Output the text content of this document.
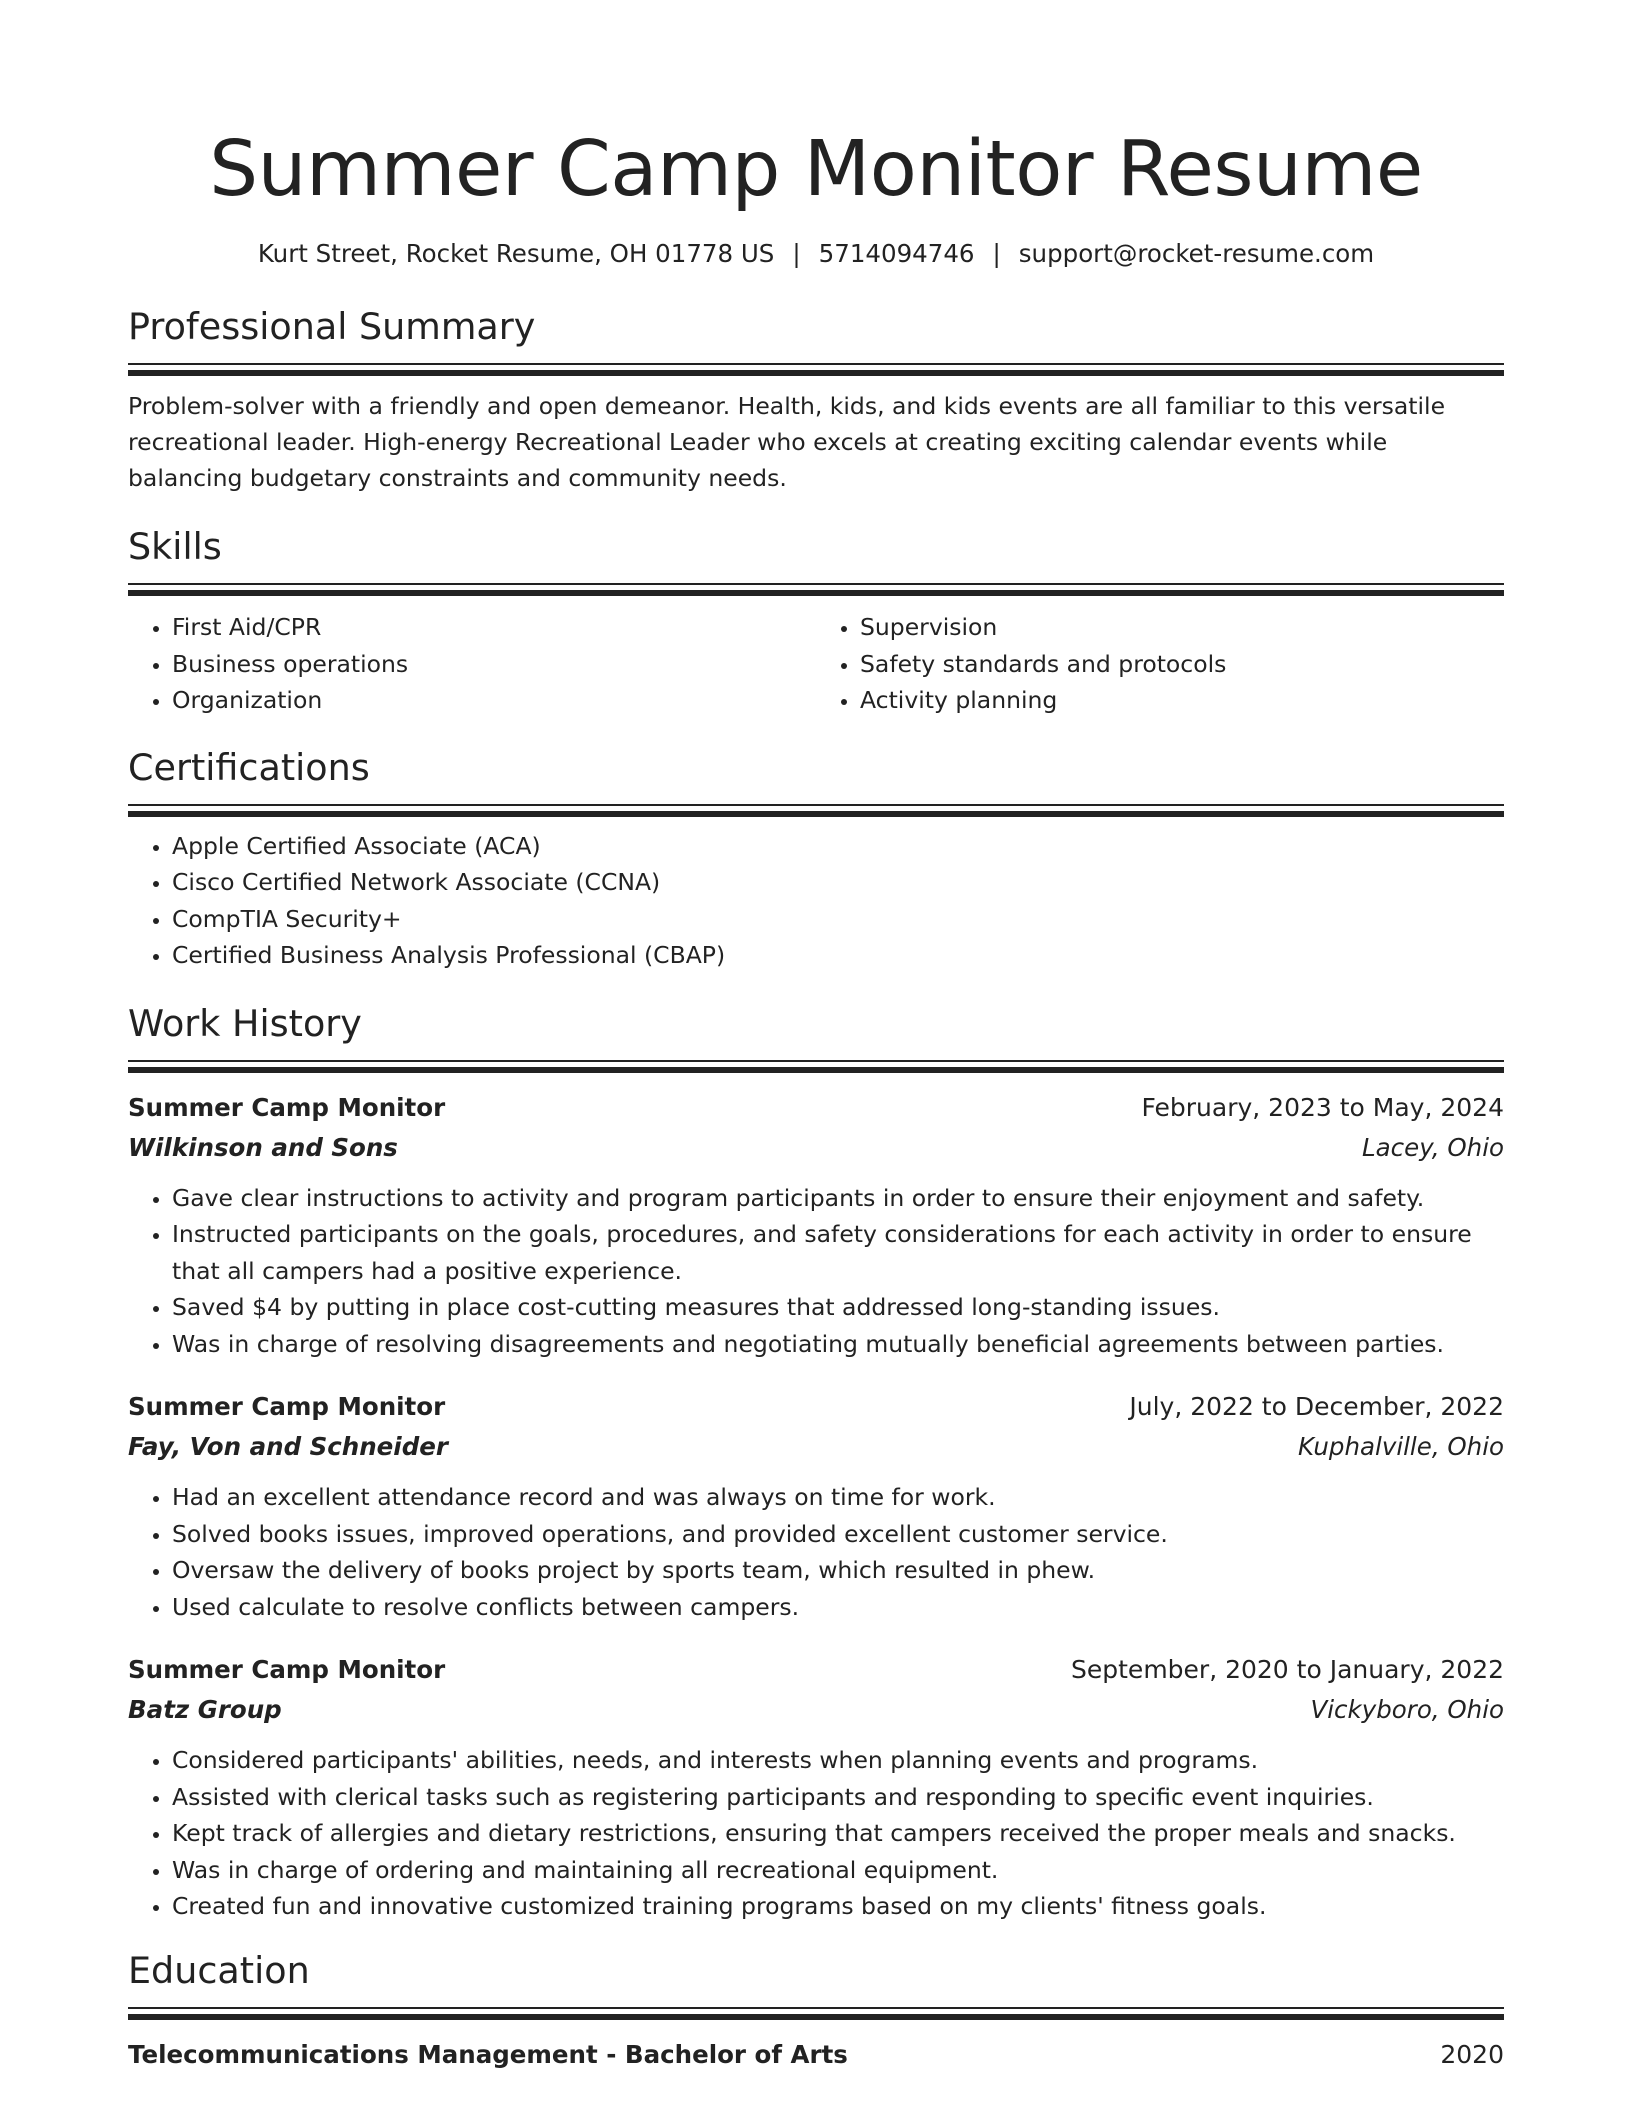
Summer Camp Monitor Resume
Kurt Street, Rocket Resume, OH 01778 US | 5714094746 | support@rocket-resume.com
Professional Summary

Problem-solver with a friendly and open demeanor. Health, kids, and kids events are all familiar to this versatile recreational leader. High-energy Recreational Leader who excels at creating exciting calendar events while balancing budgetary constraints and community needs.

Skills
• First Aid/CPR
• Business operations
• Organization
• Supervision
• Safety standards and protocols
• Activity planning
Certifications
• Apple Certified Associate (ACA)
• Cisco Certified Network Associate (CCNA)
• CompTIA Security+
• Certified Business Analysis Professional (CBAP)
Work History
Summer Camp Monitor	February, 2023 to May, 2024
Wilkinson and Sons	Lacey, Ohio
• Gave clear instructions to activity and program participants in order to ensure their enjoyment and safety.
• Instructed participants on the goals, procedures, and safety considerations for each activity in order to ensure that all campers had a positive experience.
• Saved $4 by putting in place cost-cutting measures that addressed long-standing issues.
• Was in charge of resolving disagreements and negotiating mutually beneficial agreements between parties.
Summer Camp Monitor	July, 2022 to December, 2022
Fay, Von and Schneider	Kuphalville, Ohio
• Had an excellent attendance record and was always on time for work.
• Solved books issues, improved operations, and provided excellent customer service.
• Oversaw the delivery of books project by sports team, which resulted in phew.
• Used calculate to resolve conflicts between campers.
Summer Camp Monitor	September, 2020 to January, 2022
Batz Group	Vickyboro, Ohio
• Considered participants' abilities, needs, and interests when planning events and programs.
• Assisted with clerical tasks such as registering participants and responding to specific event inquiries.
• Kept track of allergies and dietary restrictions, ensuring that campers received the proper meals and snacks.
• Was in charge of ordering and maintaining all recreational equipment.
• Created fun and innovative customized training programs based on my clients' fitness goals.
Education
Telecommunications Management - Bachelor of Arts	2020
